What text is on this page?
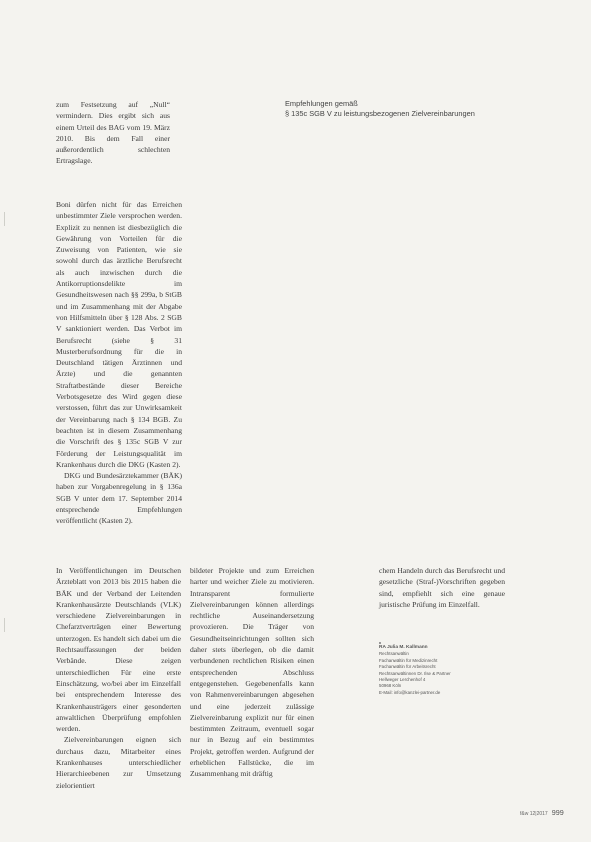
zum Festsetzung auf „Null“ vermindern. Dies ergibt sich aus einem Urteil des BAG vom 19. März 2010. Bis dem Fall einer außerordentlich schlechten Ertragslage.

Boni dürfen nicht für das Erreichen unbestimmter Ziele versprochen werden. Explizit zu nennen ist diesbezüglich die Gewährung von Vorteilen für die Zuweisung von Patienten, wie sie sowohl durch das ärztliche Berufsrecht als auch inzwischen durch die Antikorruptionsdelikte im Gesundheitswesen nach §§ 299a, b StGB und im Zusammenhang mit der Abgabe von Hilfsmitteln über § 128 Abs. 2 SGB V sanktioniert werden. Das Verbot im Berufsrecht (siehe § 31 Musterberufsordnung für die in Deutschland tätigen Ärztinnen und Ärzte) und die genannten Straftatbestände dieser Bereiche Verbotsgesetze des Wird gegen diese verstossen, führt das zur Unwirksamkeit der Vereinbarung nach § 134 BGB. Zu beachten ist in diesem Zusammenhang die Vorschrift des § 135c SGB V zur Förderung der Leistungsqualität im Krankenhaus durch die DKG (Kasten 2).

DKG und Bundesärztekammer (BÄK) haben zur Vorgabenregelung in § 136a SGB V unter dem 17. September 2014 entsprechende Empfehlungen veröffentlicht (Kasten 2).

Empfehlungen gemäß
§ 135c SGB V zu leistungsbezogenen Zielvereinbarungen

In Veröffentlichungen im Deutschen Ärzteblatt von 2013 bis 2015 haben die BÄK und der Verband der Leitenden Krankenhausärzte Deutschlands (VLK) verschiedene Zielvereinbarungen in Chefarztverträgen einer Bewertung unterzogen. Es handelt sich dabei um die Rechtsauffassungen der beiden Verbände. Diese zeigen unterschiedlichen Für eine erste Einschätzung, wo/bei aber im Einzelfall bei entsprechendem Interesse des Krankenhausträgers einer gesonderten anwaltlichen Überprüfung empfohlen werden.

Zielvereinbarungen eignen sich durchaus dazu, Mitarbeiter eines Krankenhauses unterschiedlicher Hierarchieebenen zur Umsetzung zielorientiert

bildeter Projekte und zum Erreichen harter und weicher Ziele zu motivieren. Intransparent formulierte Zielvereinbarungen können allerdings rechtliche Auseinandersetzung provozieren. Die Träger von Gesundheitseinrichtungen sollten sich daher stets überlegen, ob die damit verbundenen rechtlichen Risiken einen entsprechenden Abschluss entgegenstehen. Gegebenenfalls kann von Rahmenvereinbarungen abgesehen und eine jederzeit zulässige Zielvereinbarung explizit nur für einen bestimmten Zeitraum, eventuell sogar nur in Bezug auf ein bestimmtes Projekt, getroffen werden. Aufgrund der erheblichen Fallstücke, die im Zusammenhang mit dräftig

chem Handeln durch das Berufsrecht und gesetzliche (Straf-)Vorschriften gegeben sind, empfiehlt sich eine genaue juristische Prüfung im Einzelfall.

RA Julia M. Kallmann
Rechtsanwältin
Fachanwältin für Medizinrecht
Fachanwältin für Arbeitsrecht
Rechtsanwältinnen Dr. Ilse & Partner
Hellweger Lerchenhof 4
50968 Köln
E-Mail: info@kanzlei-partner.de
f&w 12|2017 999
